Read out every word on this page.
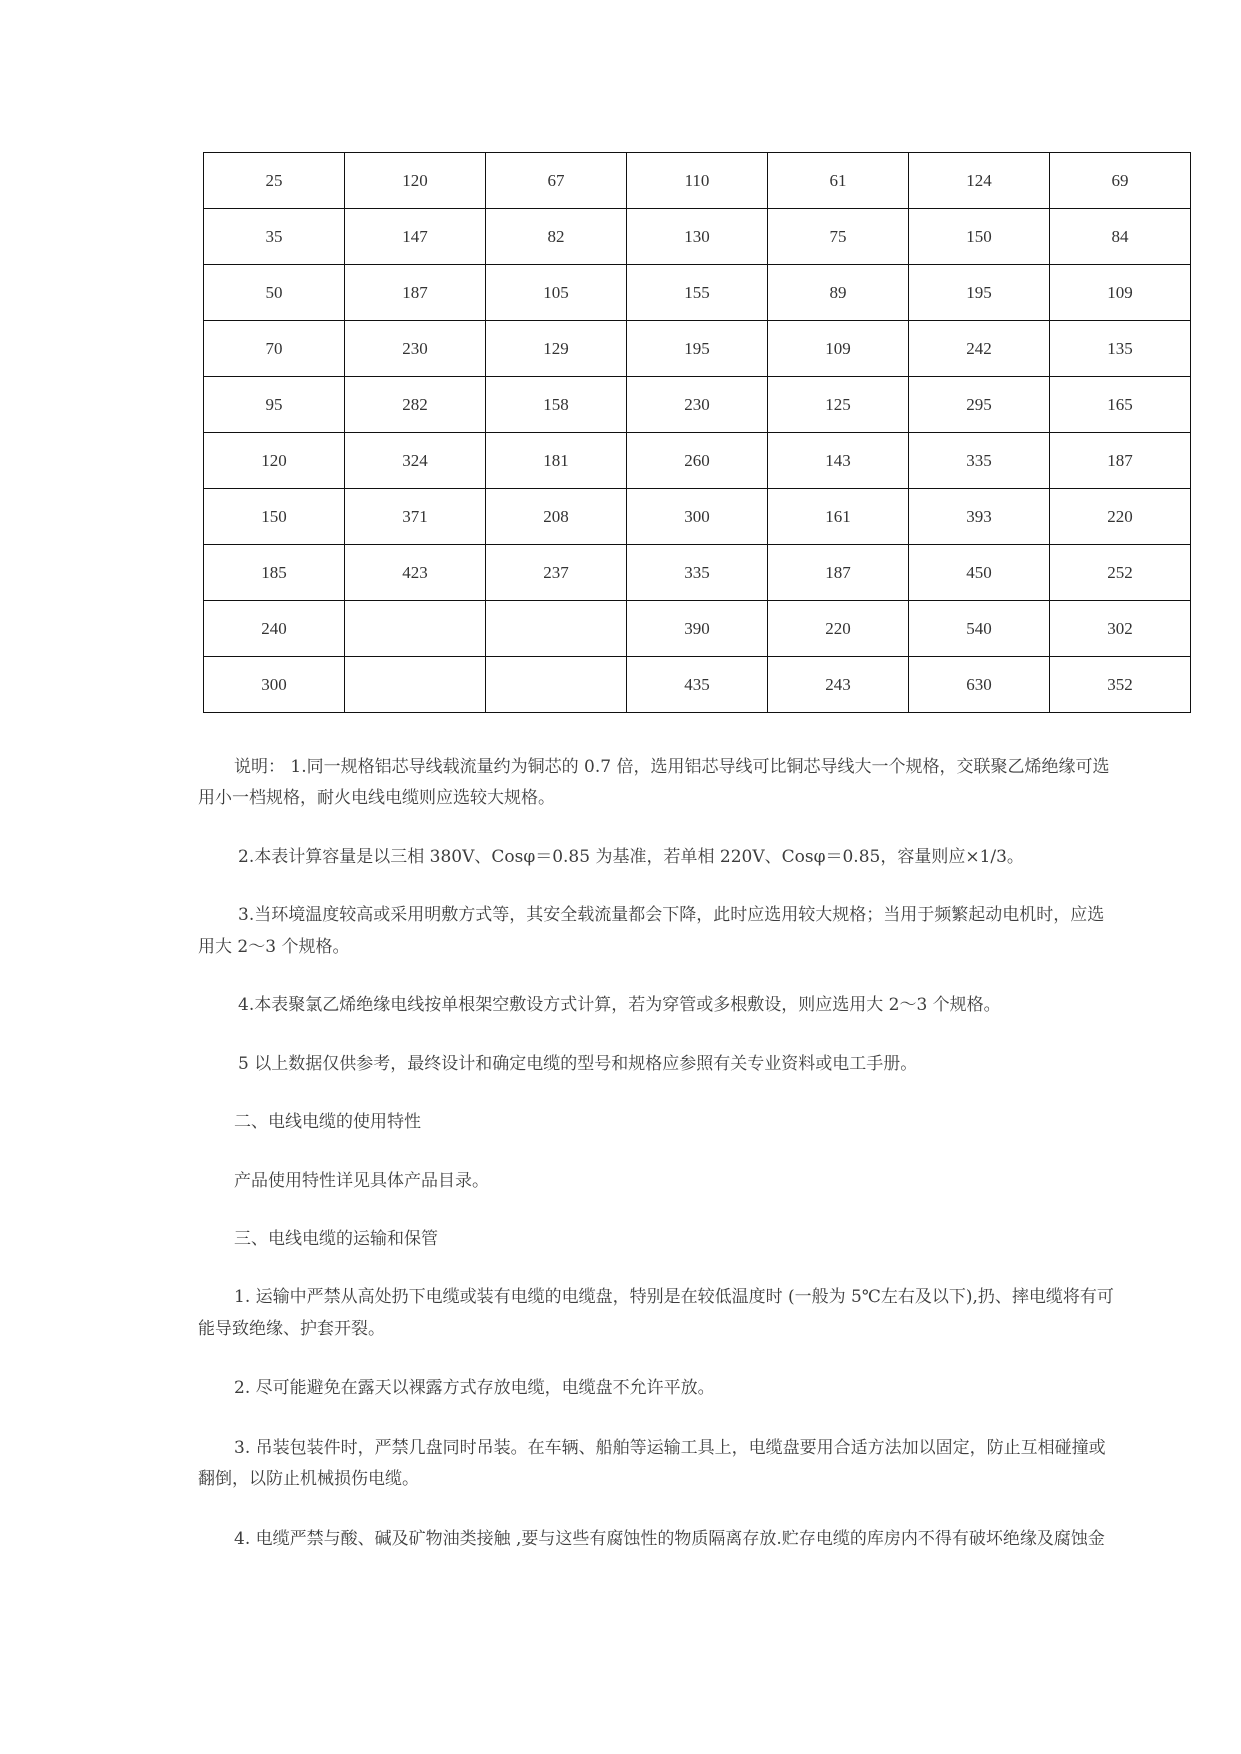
25	120	67	110	61	124	69
35	147	82	130	75	150	84
50	187	105	155	89	195	109
70	230	129	195	109	242	135
95	282	158	230	125	295	165
120	324	181	260	143	335	187
150	371	208	300	161	393	220
185	423	237	335	187	450	252
240			390	220	540	302
300			435	243	630	352

说明： 1.同一规格铝芯导线载流量约为铜芯的 0.7 倍，选用铝芯导线可比铜芯导线大一个规格，交联聚乙烯绝缘可选

用小一档规格，耐火电线电缆则应选较大规格。

2.本表计算容量是以三相 380V、Cosφ＝0.85 为基准，若单相 220V、Cosφ＝0.85，容量则应×1/3。

3.当环境温度较高或采用明敷方式等，其安全载流量都会下降，此时应选用较大规格；当用于频繁起动电机时，应选

用大 2～3 个规格。

4.本表聚氯乙烯绝缘电线按单根架空敷设方式计算，若为穿管或多根敷设，则应选用大 2～3 个规格。

5 以上数据仅供参考，最终设计和确定电缆的型号和规格应参照有关专业资料或电工手册。

二、电线电缆的使用特性

产品使用特性详见具体产品目录。

三、电线电缆的运输和保管

1. 运输中严禁从高处扔下电缆或装有电缆的电缆盘，特别是在较低温度时 (一般为 5℃左右及以下),扔、摔电缆将有可

能导致绝缘、护套开裂。

2. 尽可能避免在露天以裸露方式存放电缆，电缆盘不允许平放。

3. 吊装包装件时，严禁几盘同时吊装。在车辆、船舶等运输工具上，电缆盘要用合适方法加以固定，防止互相碰撞或

翻倒，以防止机械损伤电缆。

4. 电缆严禁与酸、碱及矿物油类接触 ,要与这些有腐蚀性的物质隔离存放.贮存电缆的库房内不得有破坏绝缘及腐蚀金
